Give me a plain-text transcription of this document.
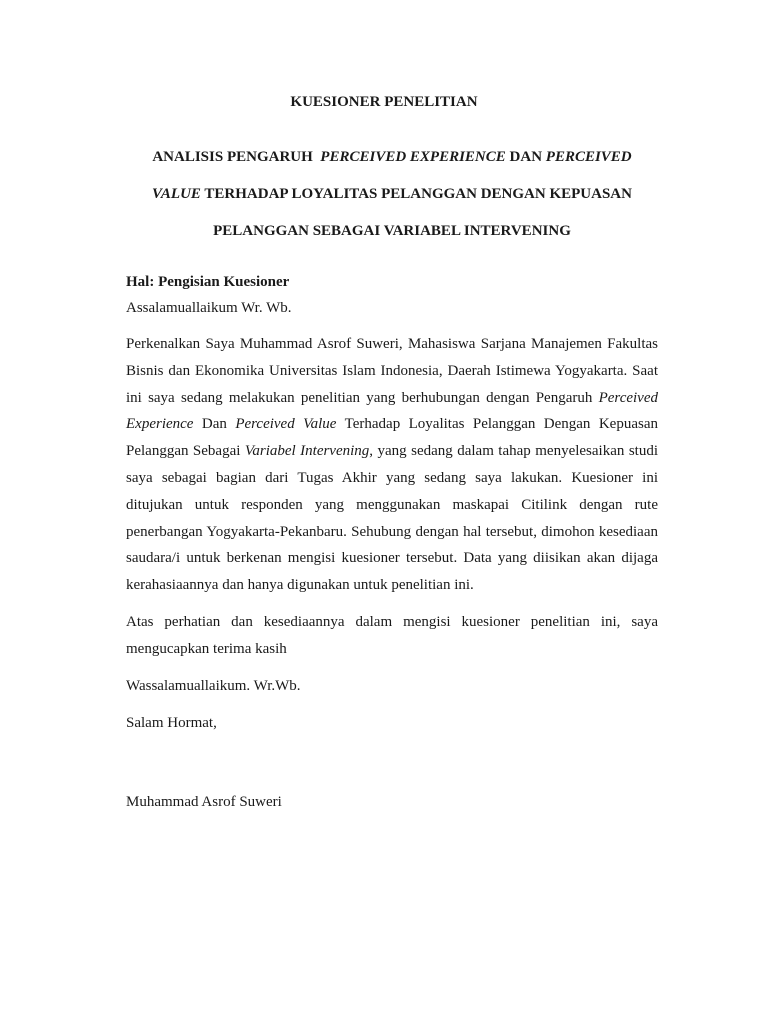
KUESIONER PENELITIAN

ANALISIS PENGARUH  PERCEIVED EXPERIENCE DAN PERCEIVED
VALUE TERHADAP LOYALITAS PELANGGAN DENGAN KEPUASAN
PELANGGAN SEBAGAI VARIABEL INTERVENING

Hal: Pengisian Kuesioner

Assalamuallaikum Wr. Wb.

Perkenalkan Saya Muhammad Asrof Suweri, Mahasiswa Sarjana Manajemen Fakultas
Bisnis dan Ekonomika Universitas Islam Indonesia, Daerah Istimewa Yogyakarta. Saat
ini saya sedang melakukan penelitian yang berhubungan dengan Pengaruh Perceived
Experience Dan Perceived Value Terhadap Loyalitas Pelanggan Dengan Kepuasan
Pelanggan Sebagai Variabel Intervening, yang sedang dalam tahap menyelesaikan studi
saya sebagai bagian dari Tugas Akhir yang sedang saya lakukan. Kuesioner ini
ditujukan untuk responden yang menggunakan maskapai Citilink dengan rute
penerbangan Yogyakarta-Pekanbaru. Sehubung dengan hal tersebut, dimohon kesediaan
saudara/i untuk berkenan mengisi kuesioner tersebut. Data yang diisikan akan dijaga
kerahasiaannya dan hanya digunakan untuk penelitian ini.
Atas perhatian dan kesediaannya dalam mengisi kuesioner penelitian ini, saya
mengucapkan terima kasih

Wassalamuallaikum. Wr.Wb.

Salam Hormat,

Muhammad Asrof Suweri
